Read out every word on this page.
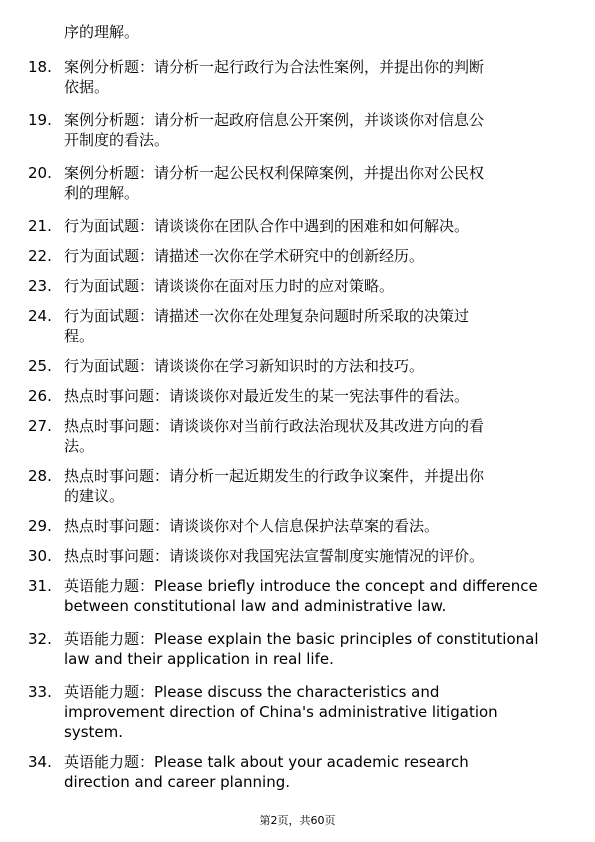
序的理解。
18. 案例分析题：请分析一起行政行为合法性案例，并提出你的判断
依据。
19. 案例分析题：请分析一起政府信息公开案例，并谈谈你对信息公
开制度的看法。
20. 案例分析题：请分析一起公民权利保障案例，并提出你对公民权
利的理解。
21. 行为面试题：请谈谈你在团队合作中遇到的困难和如何解决。
22. 行为面试题：请描述一次你在学术研究中的创新经历。
23. 行为面试题：请谈谈你在面对压力时的应对策略。
24. 行为面试题：请描述一次你在处理复杂问题时所采取的决策过
程。
25. 行为面试题：请谈谈你在学习新知识时的方法和技巧。
26. 热点时事问题：请谈谈你对最近发生的某一宪法事件的看法。
27. 热点时事问题：请谈谈你对当前行政法治现状及其改进方向的看
法。
28. 热点时事问题：请分析一起近期发生的行政争议案件，并提出你
的建议。
29. 热点时事问题：请谈谈你对个人信息保护法草案的看法。
30. 热点时事问题：请谈谈你对我国宪法宣誓制度实施情况的评价。
31. 英语能力题：Please briefly introduce the concept and difference
between constitutional law and administrative law.
32. 英语能力题：Please explain the basic principles of constitutional
law and their application in real life.
33. 英语能力题：Please discuss the characteristics and
improvement direction of China's administrative litigation
system.
34. 英语能力题：Please talk about your academic research
direction and career planning.
第2页，共60页
